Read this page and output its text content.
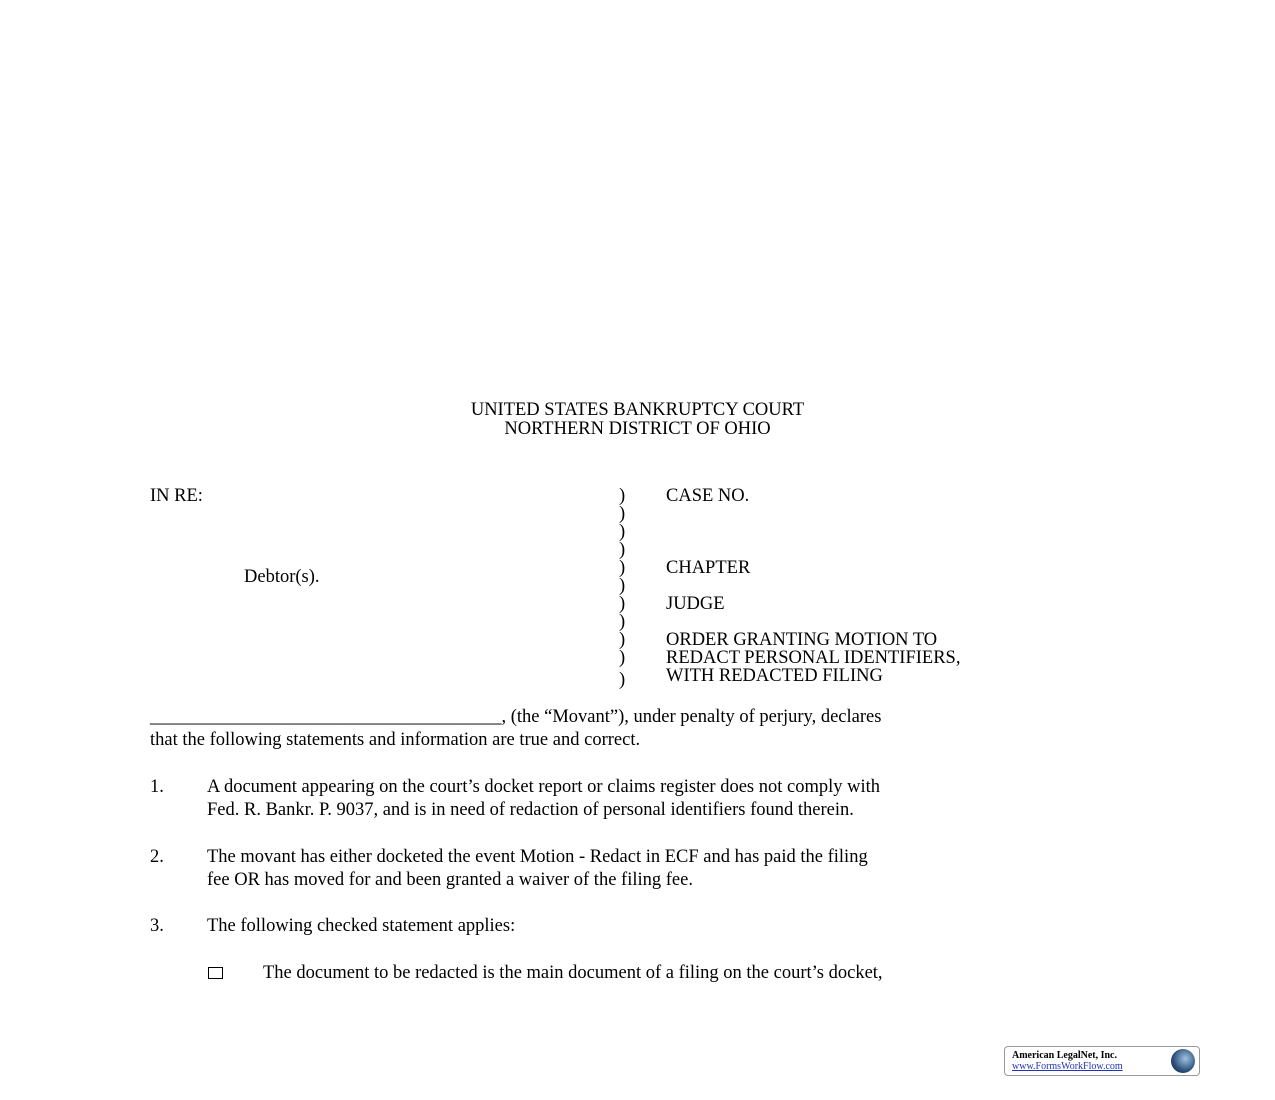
UNITED STATES BANKRUPTCY COURT
NORTHERN DISTRICT OF OHIO
IN RE:
Debtor(s).
)
)
)
)
)
)
)
)
)
)
)
CASE NO.
CHAPTER
JUDGE
ORDER GRANTING MOTION TO
REDACT PERSONAL IDENTIFIERS,
WITH REDACTED FILING
______________________________________, (the “Movant”), under penalty of perjury, declares
that the following statements and information are true and correct.
1. A document appearing on the court’s docket report or claims register does not comply with
Fed. R. Bankr. P. 9037, and is in need of redaction of personal identifiers found therein.
2. The movant has either docketed the event Motion - Redact in ECF and has paid the filing
fee OR has moved for and been granted a waiver of the filing fee.
3. The following checked statement applies:
The document to be redacted is the main document of a filing on the court’s docket,
American LegalNet, Inc.
www.FormsWorkFlow.com
